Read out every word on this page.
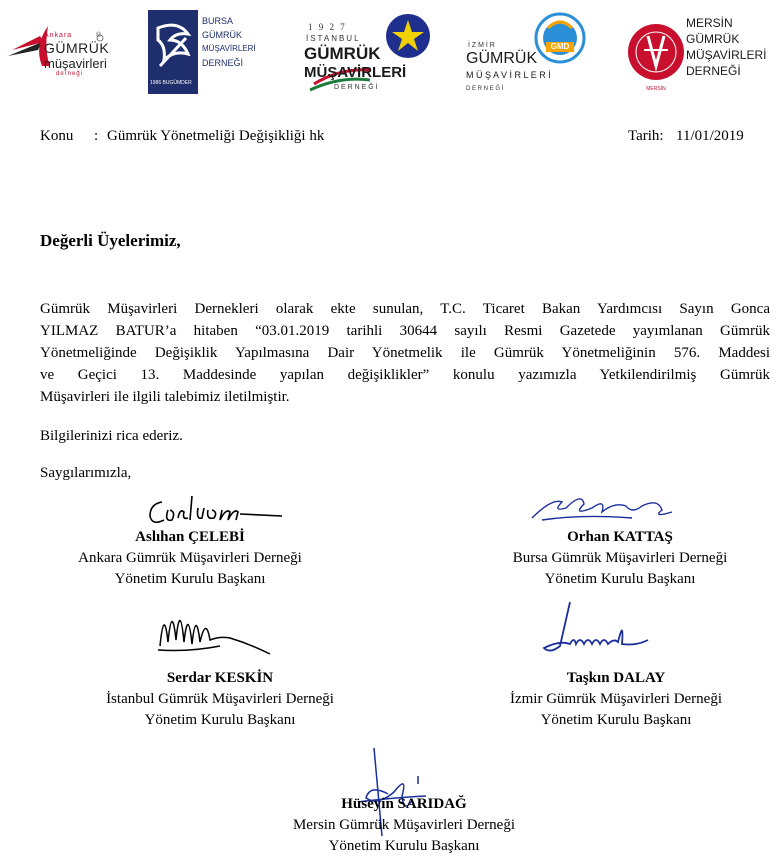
Ankara
GÜMRÜK
müşavirleri
derneği
®
BURSA
GÜMRÜK
MÜŞAVİRLERİ
DERNEĞİ
1986 BUGÜMDER
1 9 2 7
İSTANBUL
GÜMRÜK
MÜŞAVİRLERİ
D E R N E Ğ İ
GMD
İ Z M İ R
GÜMRÜK
M Ü Ş A V İ R L E R İ
D E R N E Ğ İ	MERSİN
MERSİN
GÜMRÜK
MÜŞAVİRLERİ
DERNEĞİ
Konu : Gümrük Yönetmeliği Değişikliği hk	Tarih: 11/01/2019
Değerli Üyelerimiz,
Gümrük Müşavirleri Dernekleri olarak ekte sunulan, T.C. Ticaret Bakan Yardımcısı Sayın Gonca
YILMAZ BATUR’a hitaben “03.01.2019 tarihli 30644 sayılı Resmi Gazetede yayımlanan Gümrük
Yönetmeliğinde Değişiklik Yapılmasına Dair Yönetmelik ile Gümrük Yönetmeliğinin 576. Maddesi
ve Geçici 13. Maddesinde yapılan değişiklikler” konulu yazımızla Yetkilendirilmiş Gümrük
Müşavirleri ile ilgili talebimiz iletilmiştir.
Bilgilerinizi rica ederiz.
Saygılarımızla,
Aslıhan ÇELEBİ
Ankara Gümrük Müşavirleri Derneği
Yönetim Kurulu Başkanı
Orhan KATTAŞ
Bursa Gümrük Müşavirleri Derneği
Yönetim Kurulu Başkanı
Serdar KESKİN
İstanbul Gümrük Müşavirleri Derneği
Yönetim Kurulu Başkanı
Taşkın DALAY
İzmir Gümrük Müşavirleri Derneği
Yönetim Kurulu Başkanı
Hüseyin SARIDAĞ
Mersin Gümrük Müşavirleri Derneği
Yönetim Kurulu Başkanı
